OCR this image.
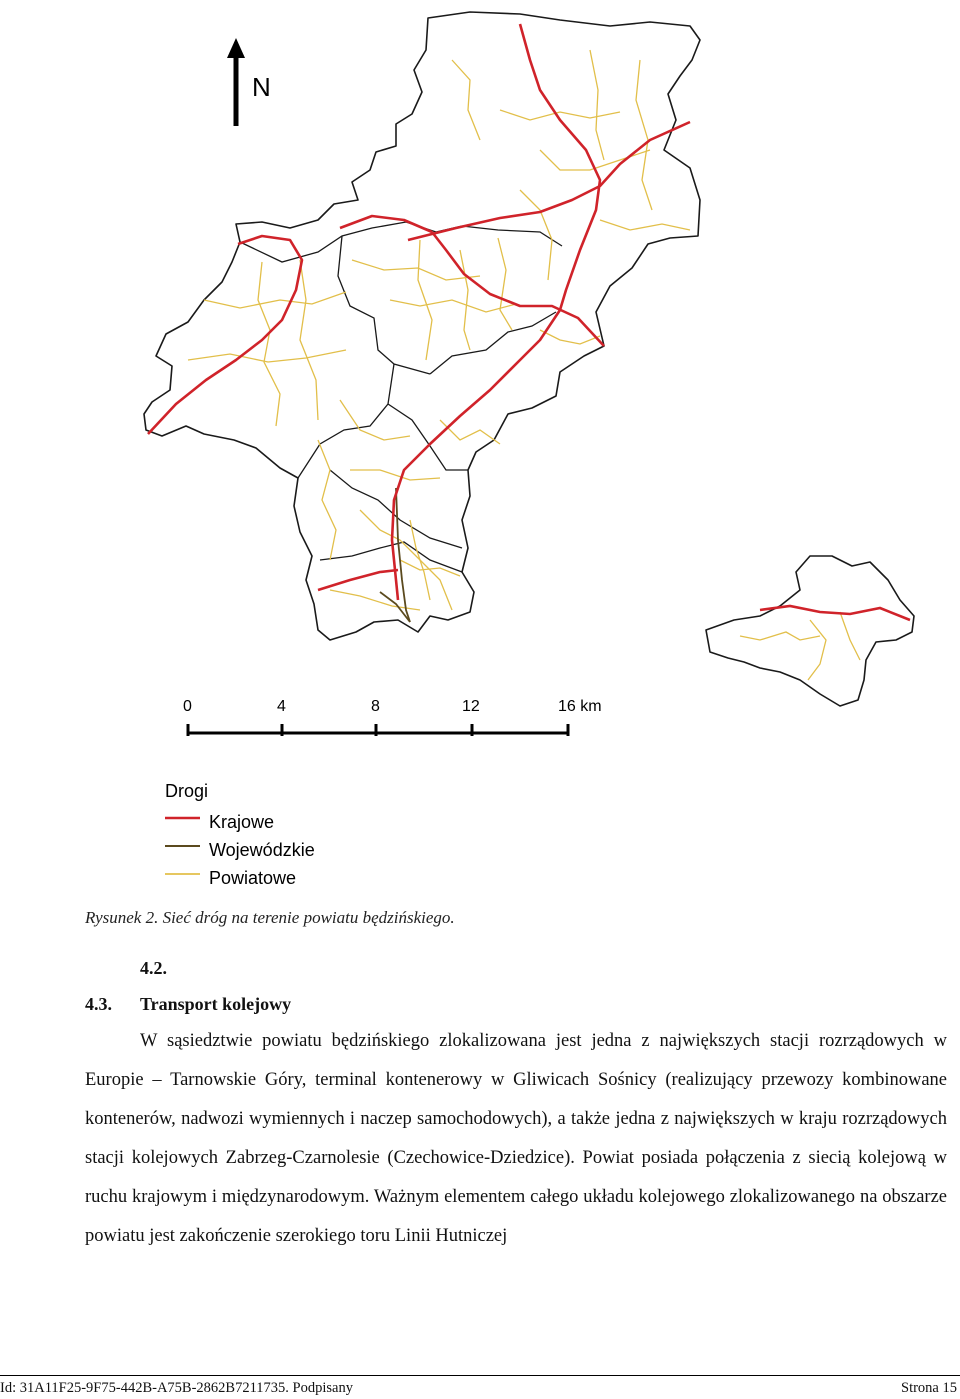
N
0	4	8	12	16 km
Drogi
Krajowe
Wojewódzkie
Powiatowe
Rysunek 2. Sieć dróg na terenie powiatu będzińskiego.
4.2.
4.3. Transport kolejowy

W sąsiedztwie powiatu będzińskiego zlokalizowana jest jedna z największych stacji rozrządowych w Europie – Tarnowskie Góry, terminal kontenerowy w Gliwicach Sośnicy (realizujący przewozy kombinowane kontenerów, nadwozi wymiennych i naczep samochodowych), a także jedna z największych w kraju rozrządowych stacji kolejowych Zabrzeg-Czarnolesie (Czechowice-Dziedzice). Powiat posiada połączenia z siecią kolejową w ruchu krajowym i międzynarodowym. Ważnym elementem całego układu kolejowego zlokalizowanego na obszarze powiatu jest zakończenie szerokiego toru Linii Hutniczej

Id: 31A11F25-9F75-442B-A75B-2862B7211735. Podpisany	Strona 15
